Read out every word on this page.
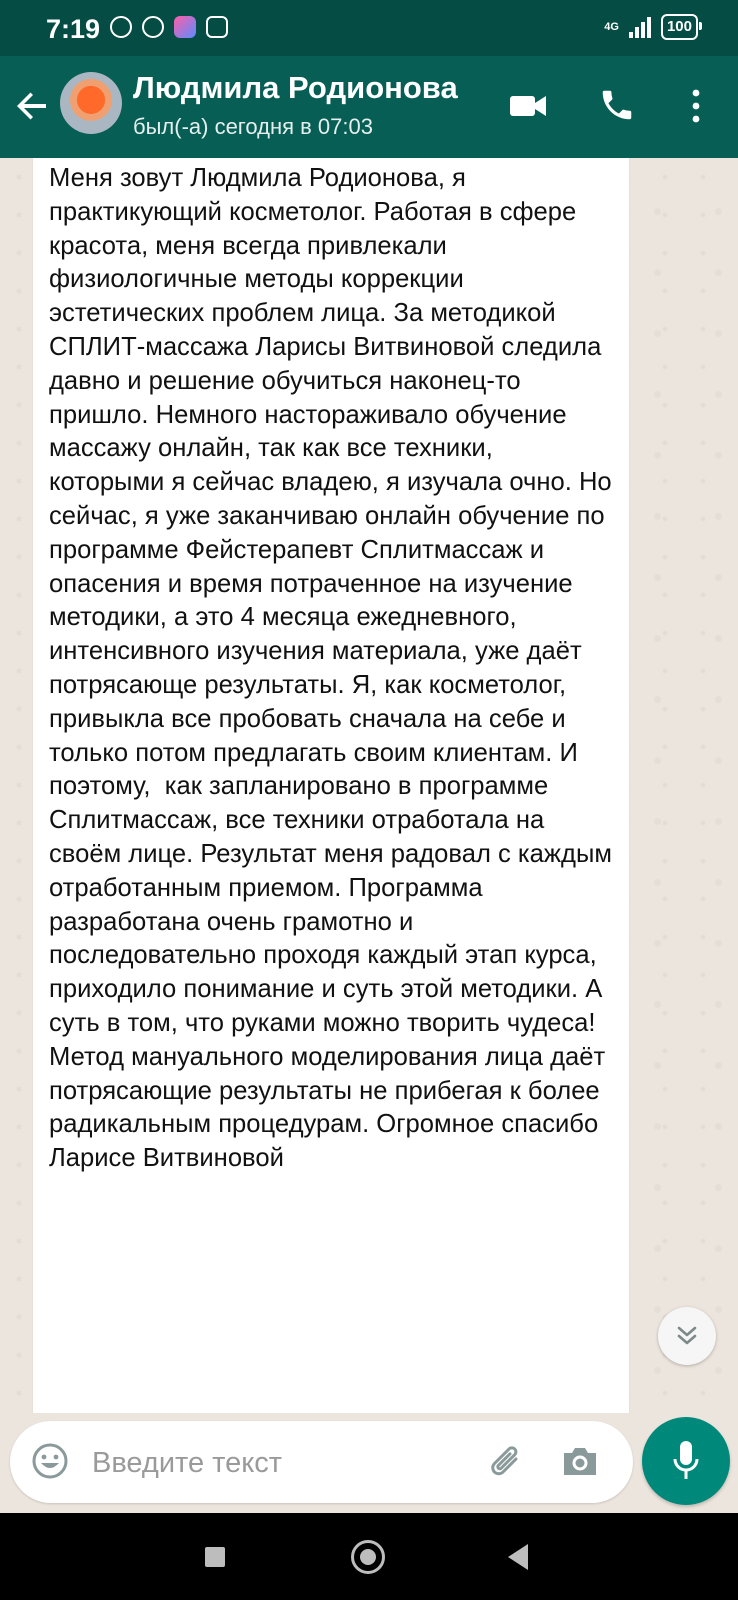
7:19	4G	100
Людмила Родионова
был(-а) сегодня в 07:03

Меня зовут Людмила Родионова, я практикующий косметолог. Работая в сфере красота, меня всегда привлекали физиологичные методы коррекции эстетических проблем лица. За методикой СПЛИТ-массажа Ларисы Витвиновой следила давно и решение обучиться наконец-то пришло. Немного настораживало обучение массажу онлайн, так как все техники, которыми я сейчас владею, я изучала очно. Но сейчас, я уже заканчиваю онлайн обучение по программе Фейстерапевт Сплитмассаж и опасения и время потраченное на изучение методики, а это 4 месяца ежедневного, интенсивного изучения материала, уже даёт потрясающе результаты. Я, как косметолог, привыкла все пробовать сначала на себе и только потом предлагать своим клиентам. И поэтому,  как запланировано в программе Сплитмассаж, все техники отработала на своём лице. Результат меня радовал с каждым отработанным приемом. Программа разработана очень грамотно и последовательно проходя каждый этап курса, приходило понимание и суть этой методики. А суть в том, что руками можно творить чудеса! Метод мануального моделирования лица даёт потрясающие результаты не прибегая к более радикальным процедурам. Огромное спасибо Ларисе Витвиновой

Введите текст
